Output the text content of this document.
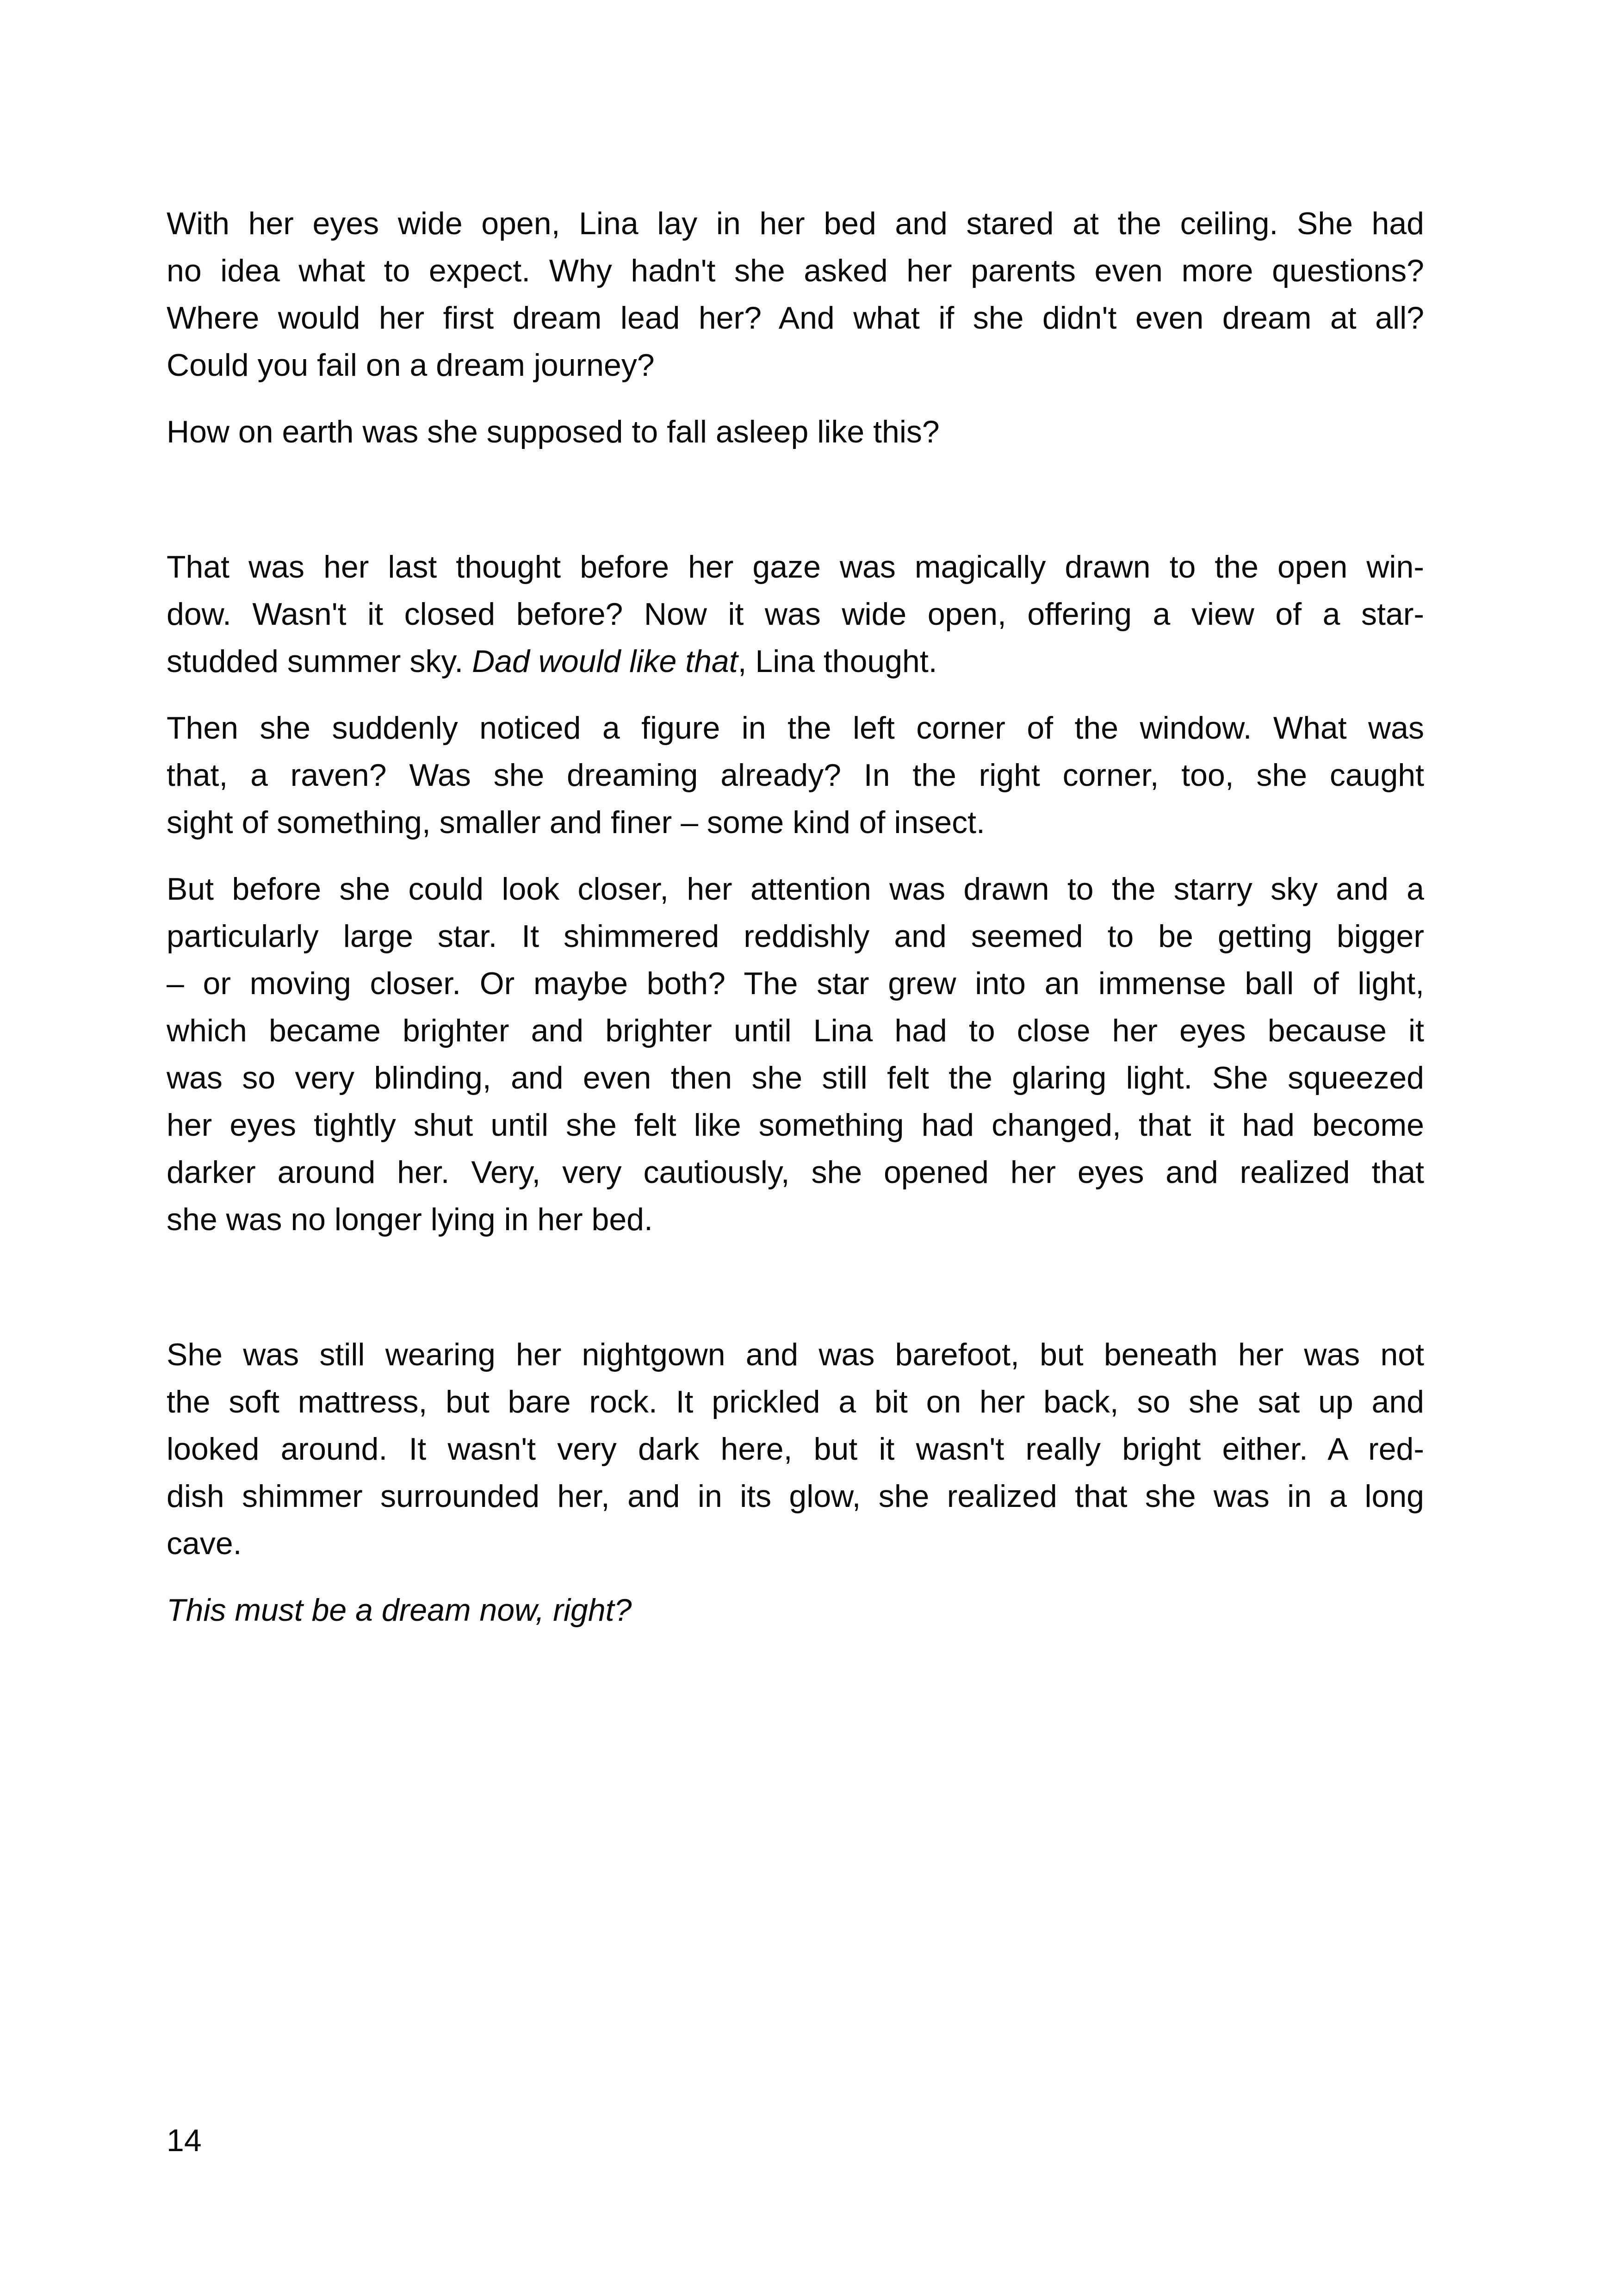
With her eyes wide open, Lina lay in her bed and stared at the ceiling. She had
no idea what to expect. Why hadn't she asked her parents even more questions?
Where would her first dream lead her? And what if she didn't even dream at all?
Could you fail on a dream journey?
How on earth was she supposed to fall asleep like this?
That was her last thought before her gaze was magically drawn to the open win-
dow. Wasn't it closed before? Now it was wide open, offering a view of a star-
studded summer sky. Dad would like that, Lina thought.
Then she suddenly noticed a figure in the left corner of the window. What was
that, a raven? Was she dreaming already? In the right corner, too, she caught
sight of something, smaller and finer – some kind of insect.
But before she could look closer, her attention was drawn to the starry sky and a
particularly large star. It shimmered reddishly and seemed to be getting bigger
– or moving closer. Or maybe both? The star grew into an immense ball of light,
which became brighter and brighter until Lina had to close her eyes because it
was so very blinding, and even then she still felt the glaring light. She squeezed
her eyes tightly shut until she felt like something had changed, that it had become
darker around her. Very, very cautiously, she opened her eyes and realized that
she was no longer lying in her bed.
She was still wearing her nightgown and was barefoot, but beneath her was not
the soft mattress, but bare rock. It prickled a bit on her back, so she sat up and
looked around. It wasn't very dark here, but it wasn't really bright either. A red-
dish shimmer surrounded her, and in its glow, she realized that she was in a long
cave.
This must be a dream now, right?
14
